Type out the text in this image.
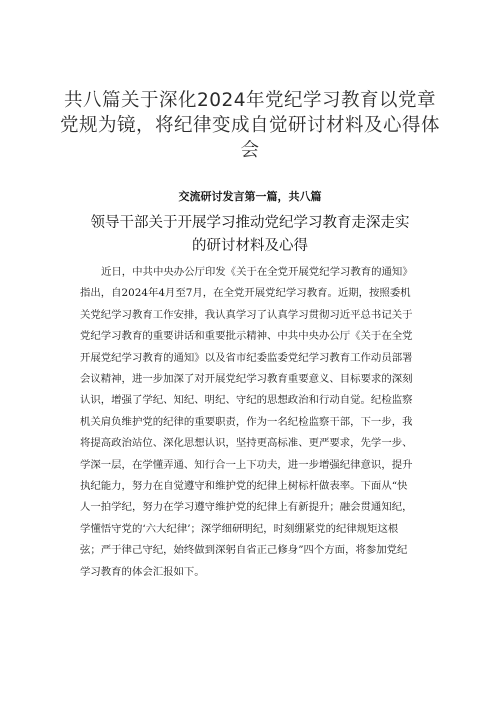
共八篇关于深化2024年党纪学习教育以党章
党规为镜，将纪律变成自觉研讨材料及心得体
会
交流研讨发言第一篇，共八篇
领导干部关于开展学习推动党纪学习教育走深走实
的研讨材料及心得
近日，中共中央办公厅印发《关于在全党开展党纪学习教育的通知》
指出，自2024年4月至7月，在全党开展党纪学习教育。近期，按照委机
关党纪学习教育工作安排，我认真学习了认真学习贯彻习近平总书记关于
党纪学习教育的重要讲话和重要批示精神、中共中央办公厅《关于在全党
开展党纪学习教育的通知》以及省市纪委监委党纪学习教育工作动员部署
会议精神，进一步加深了对开展党纪学习教育重要意义、目标要求的深刻
认识，增强了学纪、知纪、明纪、守纪的思想政治和行动自觉。纪检监察
机关肩负维护党的纪律的重要职责，作为一名纪检监察干部，下一步，我
将提高政治站位、深化思想认识，坚持更高标准、更严要求，先学一步、
学深一层，在学懂弄通、知行合一上下功夫，进一步增强纪律意识，提升
执纪能力，努力在自觉遵守和维护党的纪律上树标杆做表率。下面从“快
人一拍学纪，努力在学习遵守维护党的纪律上有新提升；融会贯通知纪，
学懂悟守党的‘六大纪律’；深学细研明纪，时刻绷紧党的纪律规矩这根
弦；严于律己守纪，始终做到深躬自省正己修身”四个方面，将参加党纪
学习教育的体会汇报如下。
